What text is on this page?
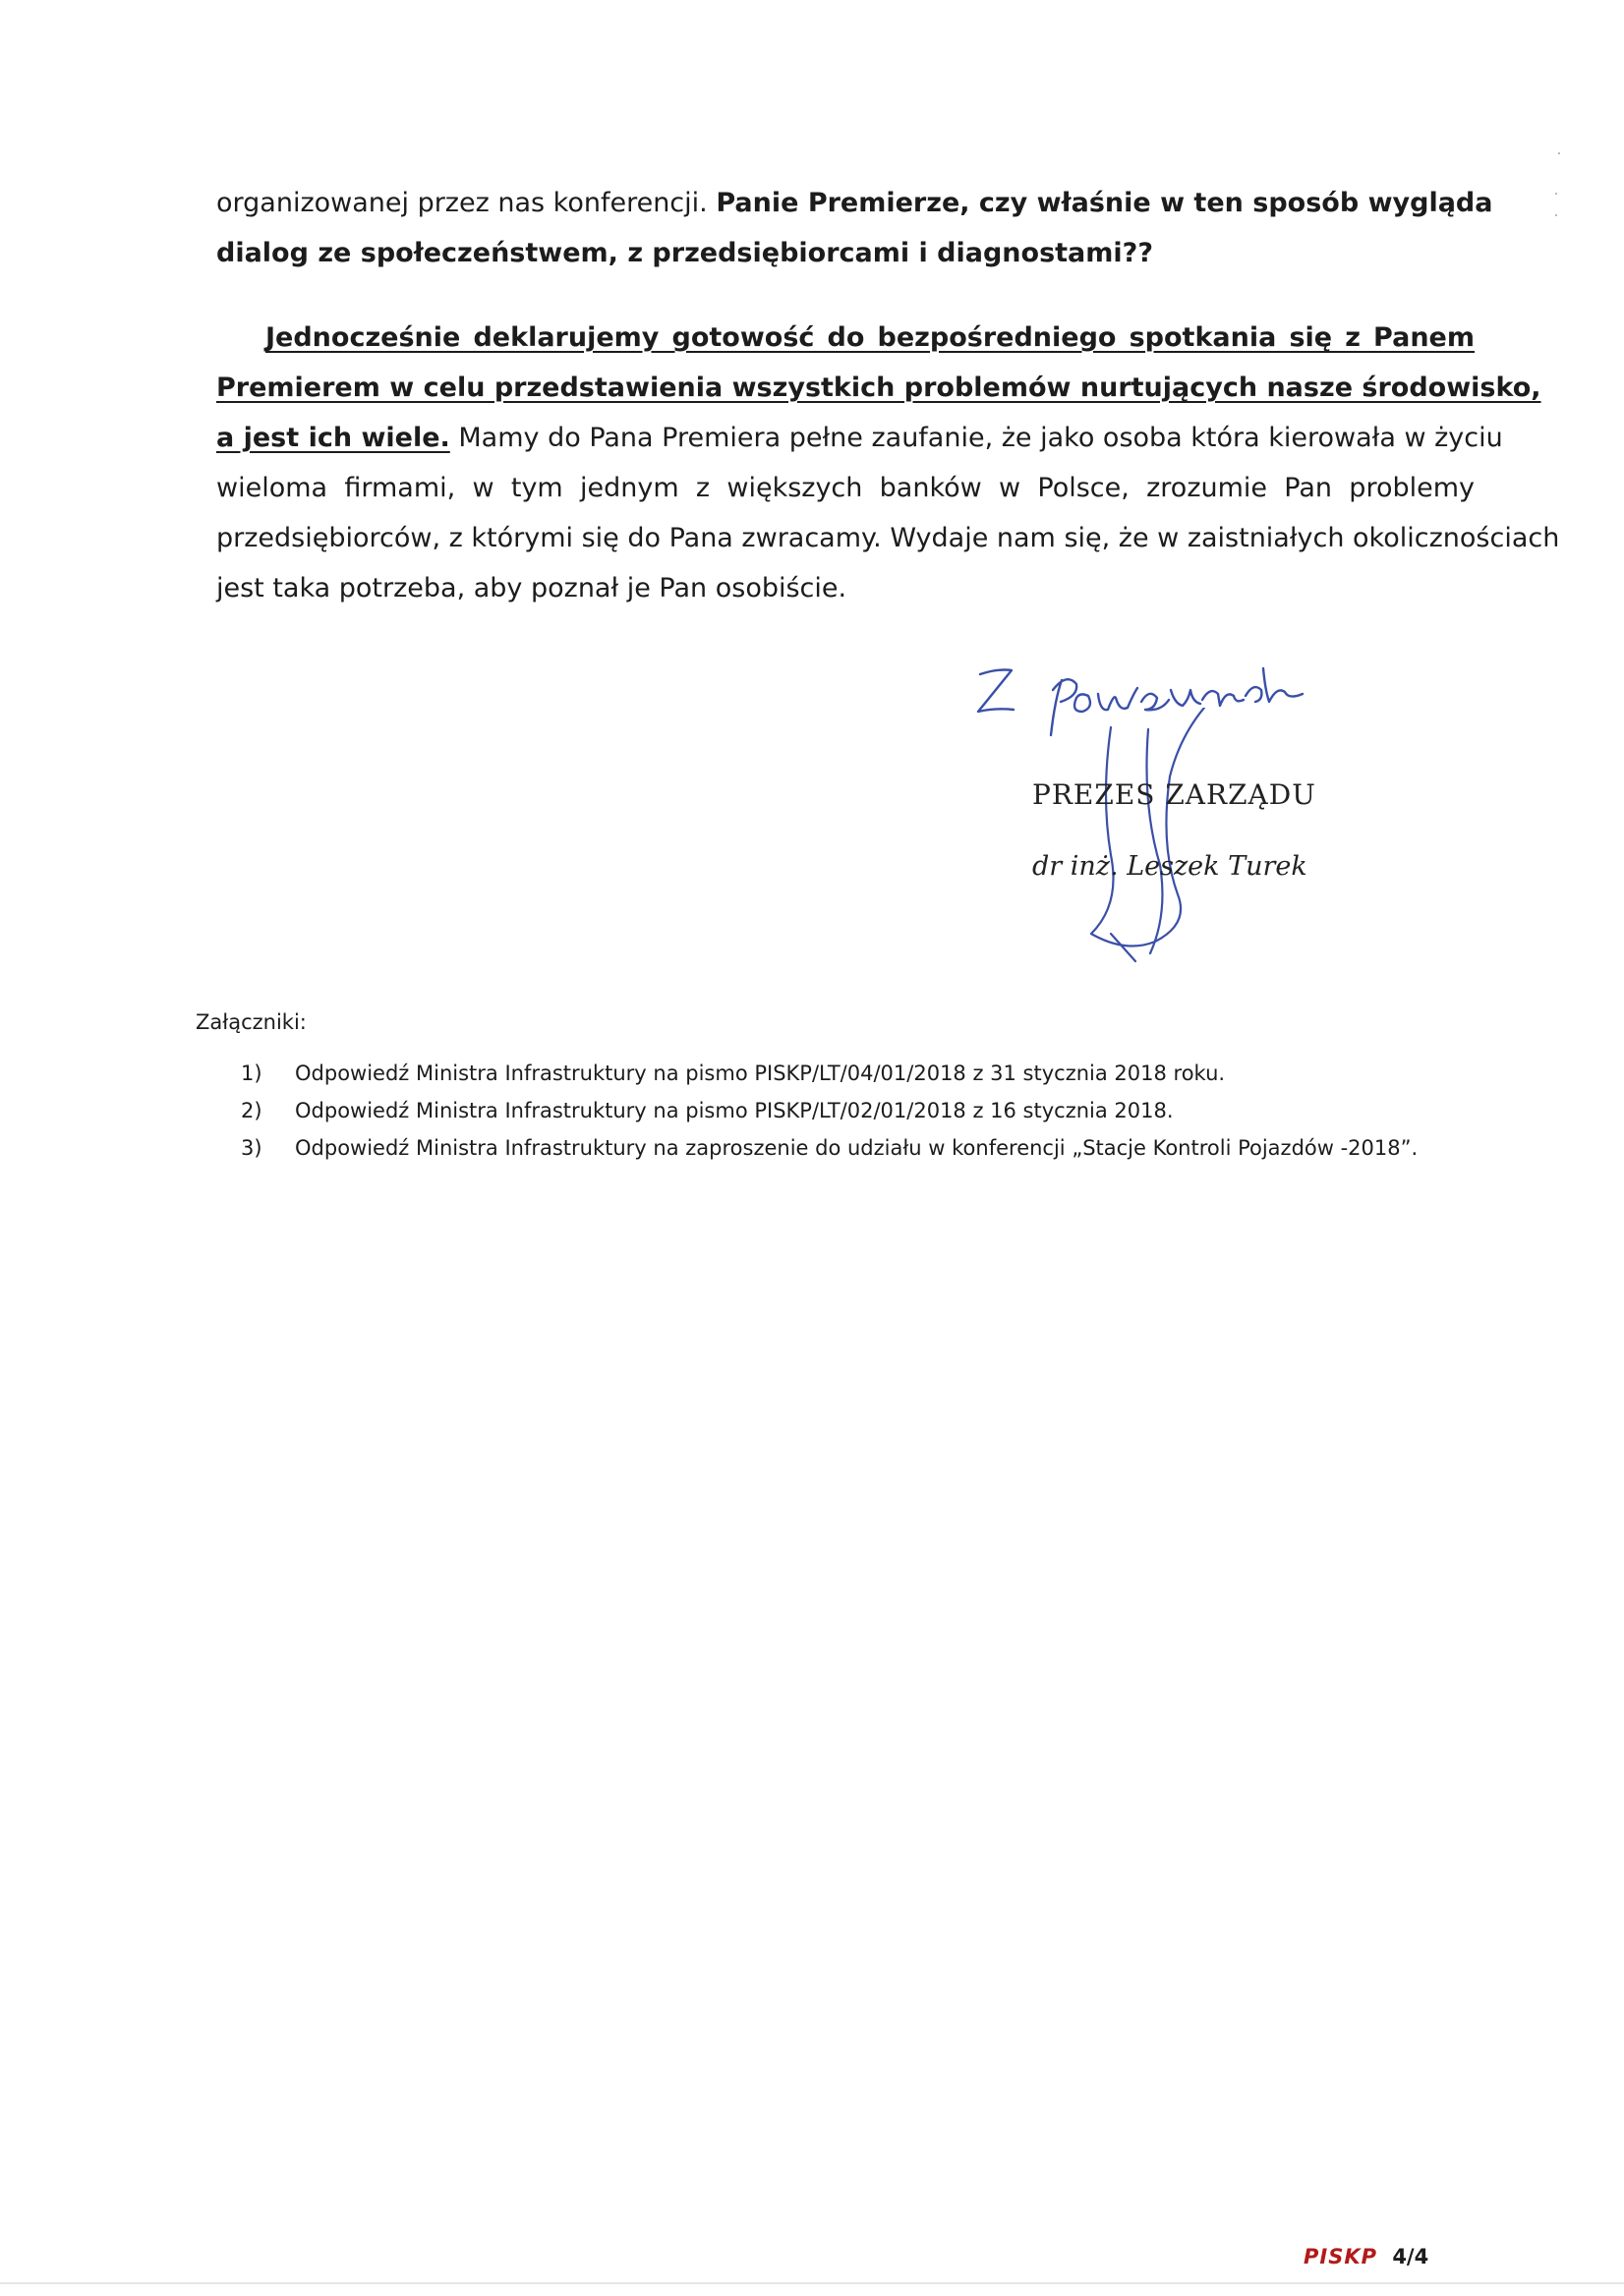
organizowanej przez nas konferencji. Panie Premierze, czy właśnie w ten sposób wygląda
dialog ze społeczeństwem, z przedsiębiorcami i diagnostami??
Jednocześnie deklarujemy gotowość do bezpośredniego spotkania się z Panem
Premierem w celu przedstawienia wszystkich problemów nurtujących nasze środowisko,
a jest ich wiele. Mamy do Pana Premiera pełne zaufanie, że jako osoba która kierowała w życiu
wieloma firmami, w tym jednym z większych banków w Polsce, zrozumie Pan problemy
przedsiębiorców, z którymi się do Pana zwracamy. Wydaje nam się, że w zaistniałych okolicznościach
jest taka potrzeba, aby poznał je Pan osobiście.
PREZES ZARZĄDU
dr inż. Leszek Turek
Załączniki:
1)	Odpowiedź Ministra Infrastruktury na pismo PISKP/LT/04/01/2018 z 31 stycznia 2018 roku.
2)	Odpowiedź Ministra Infrastruktury na pismo PISKP/LT/02/01/2018 z 16 stycznia 2018.
3)	Odpowiedź Ministra Infrastruktury na zaproszenie do udziału w konferencji „Stacje Kontroli Pojazdów -2018”.
PISKP 4/4
